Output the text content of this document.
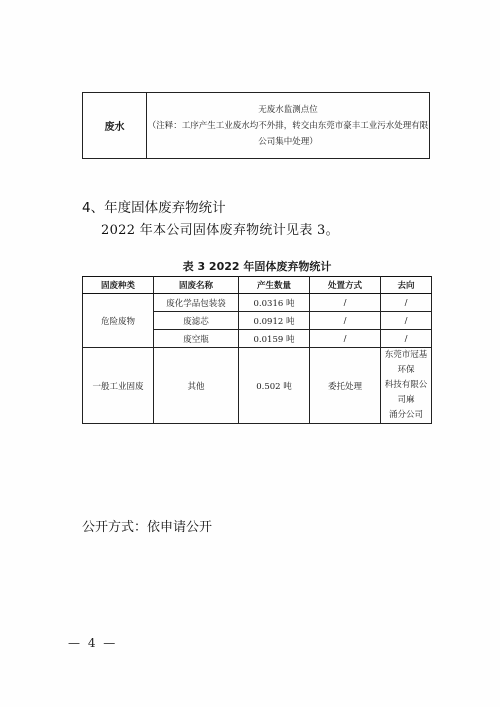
废水	
无废水监测点位
（注释：工序产生工业废水均不外排，转交由东莞市豪丰工业污水处理有限
公司集中处理）
4、年度固体废弃物统计
2022 年本公司固体废弃物统计见表 3。
表 3 2022 年固体废弃物统计
固废种类	固废名称	产生数量	处置方式	去向
危险废物	废化学品包装袋	0.0316 吨	/	/
	废滤芯	0.0912 吨	/	/
	废空瓶	0.0159 吨	/	/
一般工业固废	其他	0.502 吨	委托处理	东莞市冠基环保
科技有限公司麻
涌分公司
公开方式：依申请公开
— 4 —
